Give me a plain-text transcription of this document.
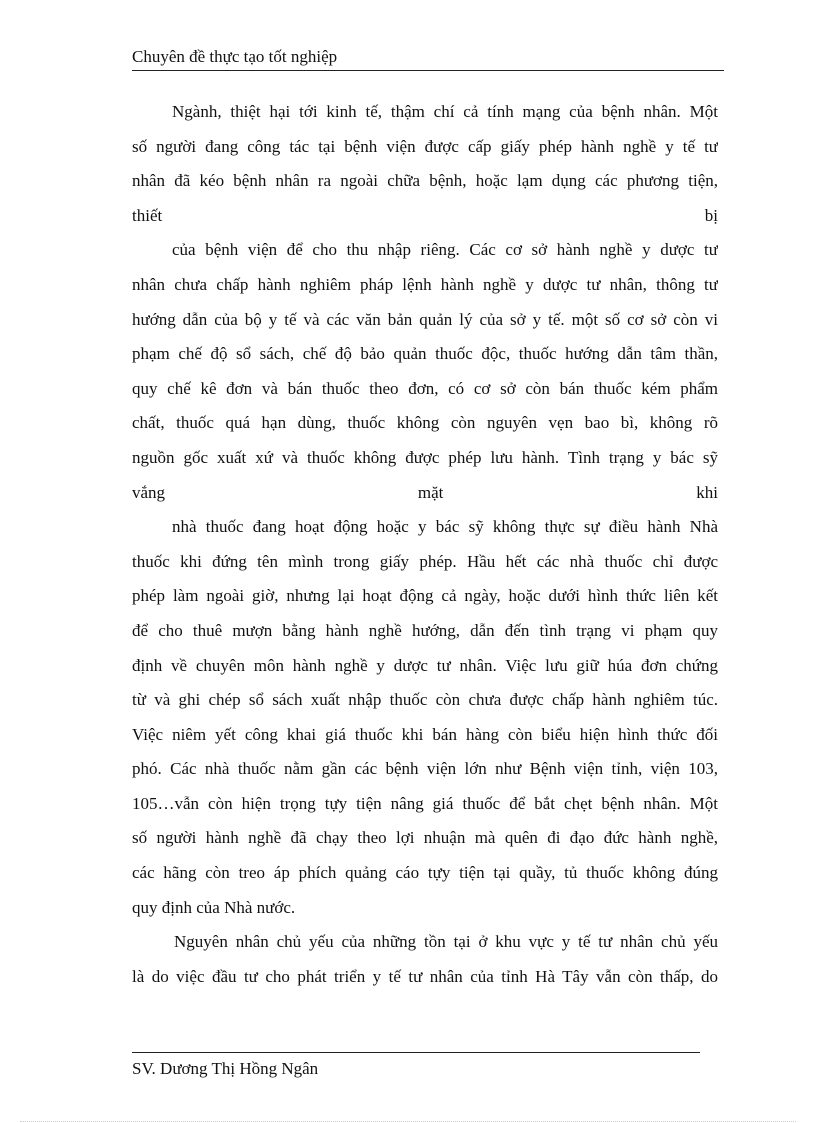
Chuyên đề thực tạo tốt nghiệp
Ngành, thiệt hại tới kinh tế, thậm chí cả tính mạng của bệnh nhân. Một
số người đang công tác tại bệnh viện được cấp giấy phép hành nghề y tế tư
nhân đã kéo bệnh nhân ra ngoài chữa bệnh, hoặc lạm dụng các phương tiện,
thiết bị
của bệnh viện để cho thu nhập riêng. Các cơ sở hành nghề y dược tư
nhân chưa chấp hành nghiêm pháp lệnh hành nghề y dược tư nhân, thông tư
hướng dẫn của bộ y tế và các văn bản quản lý của sở y tế. một số cơ sở còn vi
phạm chế độ sổ sách, chế độ bảo quản thuốc độc, thuốc hướng dẫn tâm thần,
quy chế kê đơn và bán thuốc theo đơn, có cơ sở còn bán thuốc kém phẩm
chất, thuốc quá hạn dùng, thuốc không còn nguyên vẹn bao bì, không rõ
nguồn gốc xuất xứ và thuốc không được phép lưu hành. Tình trạng y bác sỹ
vắng mặt khi
nhà thuốc đang hoạt động hoặc y bác sỹ không thực sự điều hành Nhà
thuốc khi đứng tên mình trong giấy phép. Hầu hết các nhà thuốc chỉ được
phép làm ngoài giờ, nhưng lại hoạt động cả ngày, hoặc dưới hình thức liên kết
để cho thuê mượn bằng hành nghề hướng, dẫn đến tình trạng vi phạm quy
định về chuyên môn hành nghề y dược tư nhân. Việc lưu giữ húa đơn chứng
từ và ghi chép sổ sách xuất nhập thuốc còn chưa được chấp hành nghiêm túc.
Việc niêm yết công khai giá thuốc khi bán hàng còn biểu hiện hình thức đối
phó. Các nhà thuốc nằm gần các bệnh viện lớn như Bệnh viện tỉnh, viện 103,
105…vẫn còn hiện trọng tựy tiện nâng giá thuốc để bắt chẹt bệnh nhân. Một
số người hành nghề đã chạy theo lợi nhuận mà quên đi đạo đức hành nghề,
các hãng còn treo áp phích quảng cáo tựy tiện tại quầy, tủ thuốc không đúng
quy định của Nhà nước.
Nguyên nhân chủ yếu của những tồn tại ở khu vực y tế tư nhân chủ yếu
là do việc đầu tư cho phát triển y tế tư nhân của tỉnh Hà Tây vẫn còn thấp, do
SV. Dương Thị Hồng Ngân
